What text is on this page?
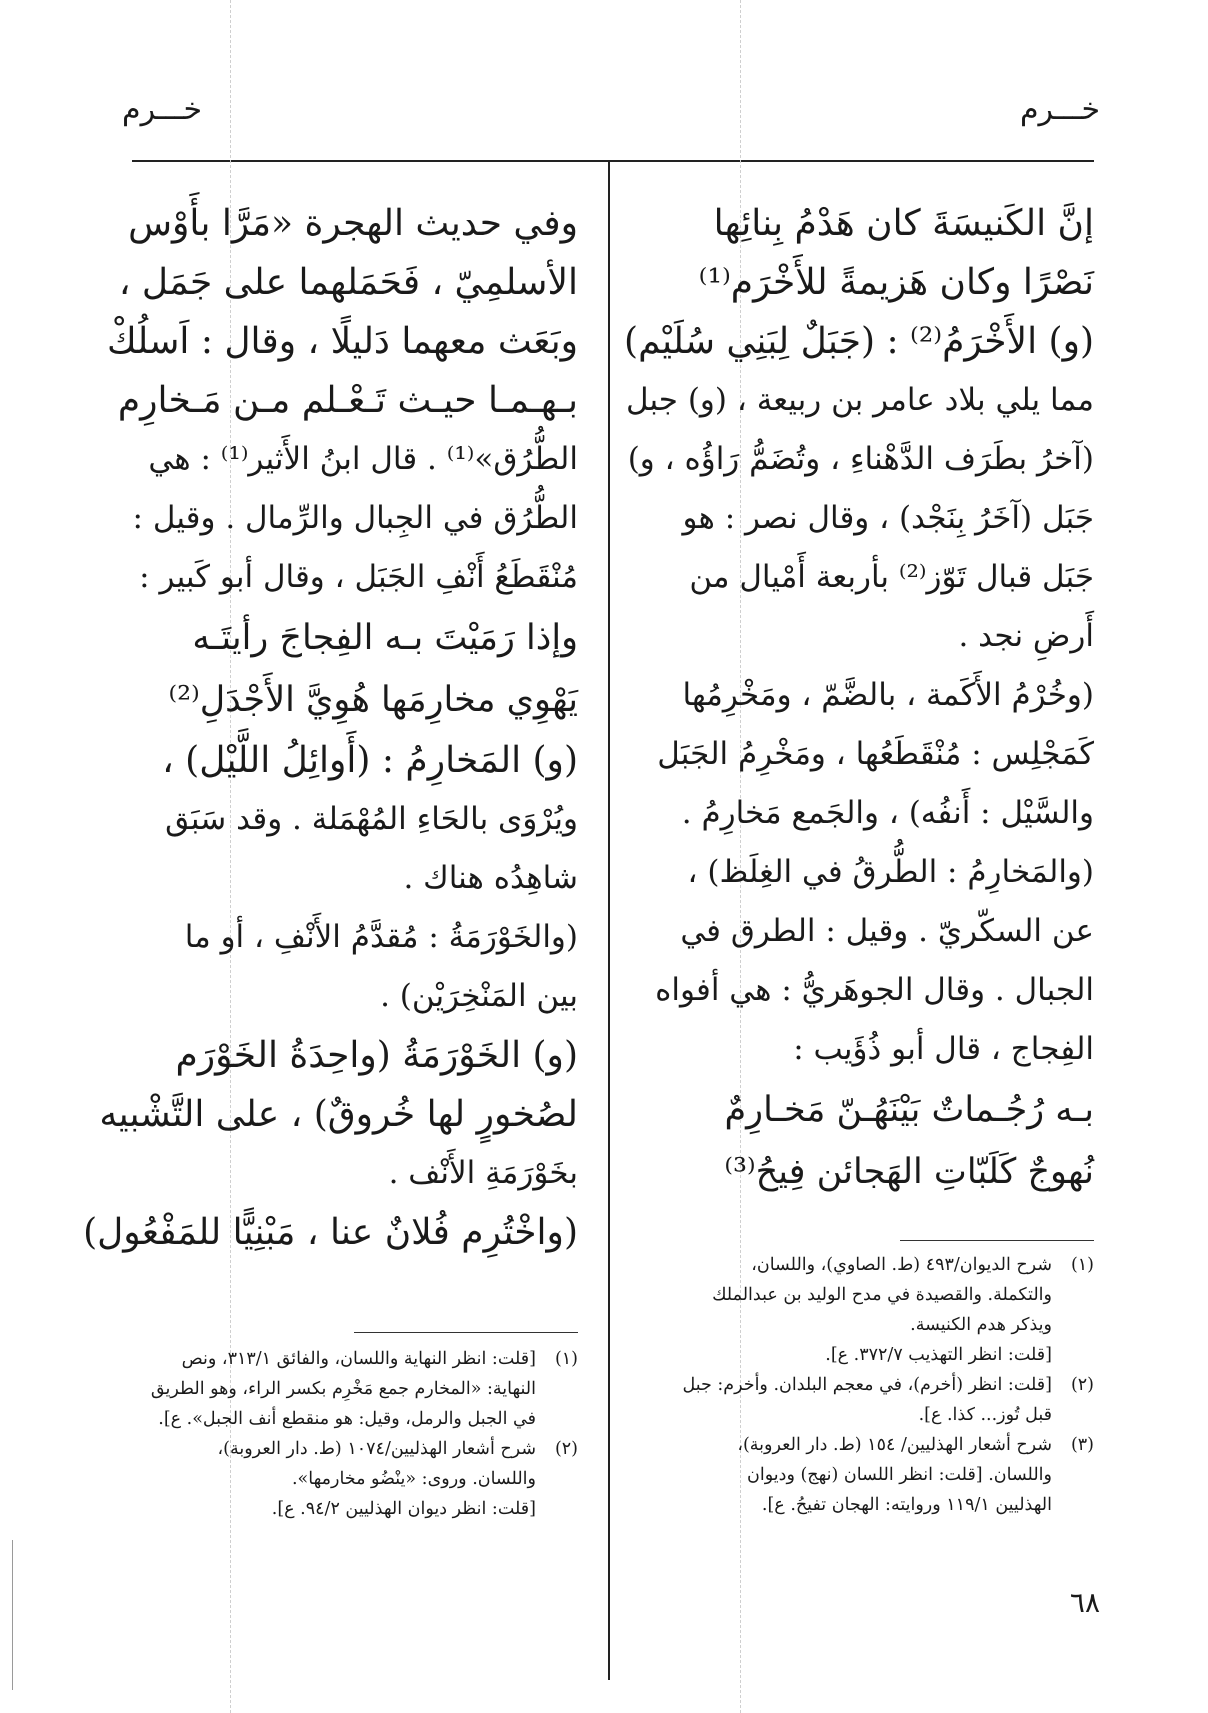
خـــرم
خـــرم
إنَّ الكَنيسَةَ كان هَدْمُ بِنائِها
نَصْرًا وكان هَزيمةً للأَخْرَم⁽¹⁾
(و) الأَخْرَمُ⁽²⁾ : (جَبَلٌ لِبَنِي سُلَيْم)
مما يلي بلاد عامر بن ربيعة ، (و) جبل
(آخرُ بطَرَف الدَّهْناءِ ، وتُضَمُّ رَاؤُه ، و)
جَبَل (آخَرُ بِنَجْد) ، وقال نصر : هو
جَبَل قبال تَوّز⁽²⁾ بأربعة أَمْيال من
أَرضِ نجد .
(وخُرْمُ الأَكَمة ، بالضَّمّ ، ومَخْرِمُها
كَمَجْلِس : مُنْقَطَعُها ، ومَخْرِمُ الجَبَل
والسَّيْل : أَنفُه) ، والجَمع مَخارِمُ .
(والمَخارِمُ : الطُّرقُ في الغِلَظ) ،
عن السكّريّ . وقيل : الطرق في
الجبال . وقال الجوهَريُّ : هي أفواه
الفِجاج ، قال أبو ذُؤَيب :
بـه رُجُـماتٌ بَيْنَهُـنّ مَخـارِمٌ
نُهوجٌ كَلَبّاتِ الهَجائن فِيحُ⁽³⁾
(١)
شرح الديوان/٤٩٣ (ط. الصاوي)، واللسان،
والتكملة. والقصيدة في مدح الوليد بن عبدالملك
ويذكر هدم الكنيسة.
[قلت: انظر التهذيب ٣٧٢/٧. ع].
(٢)
[قلت: انظر (أخرم)، في معجم البلدان. وأخرم: جبل
قبل تُوز... كذا. ع].
(٣)
شرح أشعار الهذليين/ ١٥٤ (ط. دار العروبة)،
واللسان. [قلت: انظر اللسان (نهج) وديوان
الهذليين ١١٩/١ وروايته: الهجان تفيحُ. ع].
وفي حديث الهجرة «مَرَّا بأَوْس
الأسلمِيّ ، فَحَمَلهما على جَمَل ،
وبَعَث معهما دَليلًا ، وقال : اَسلُكْ
بـهـمـا حيـث تَـعْـلم مـن مَـخارِم
الطُّرُق»⁽¹⁾ . قال ابنُ الأَثير⁽¹⁾ : هي
الطُّرُق في الجِبال والرِّمال . وقيل :
مُنْقَطَعُ أَنْفِ الجَبَل ، وقال أبو كَبير :
وإذا رَمَيْتَ بـه الفِجاجَ رأيتَـه
يَهْوِي مخارِمَها هُوِيَّ الأَجْدَلِ⁽²⁾
(و) المَخارِمُ : (أَوائِلُ اللَّيْل) ،
ويُرْوَى بالحَاءِ المُهْمَلة . وقد سَبَق
شاهِدُه هناك .
(والخَوْرَمَةُ : مُقدَّمُ الأَنْفِ ، أو ما
بين المَنْخِرَيْن) .
(و) الخَوْرَمَةُ (واحِدَةُ الخَوْرَم
لصُخورٍ لها خُروقٌ) ، على التَّشْبيه
بخَوْرَمَةِ الأَنْف .
(واخْتُرِم فُلانٌ عنا ، مَبْنِيًّا للمَفْعُول)
(١)
[قلت: انظر النهاية واللسان، والفائق ٣١٣/١، ونص
النهاية: «المخارم جمع مَخْرِم بكسر الراء، وهو الطريق
في الجبل والرمل، وقيل: هو منقطع أنف الجبل». ع].
(٢)
شرح أشعار الهذليين/١٠٧٤ (ط. دار العروبة)،
واللسان. وروى: «ينْضُو مخارمها».
[قلت: انظر ديوان الهذليين ٩٤/٢. ع].
٦٨
